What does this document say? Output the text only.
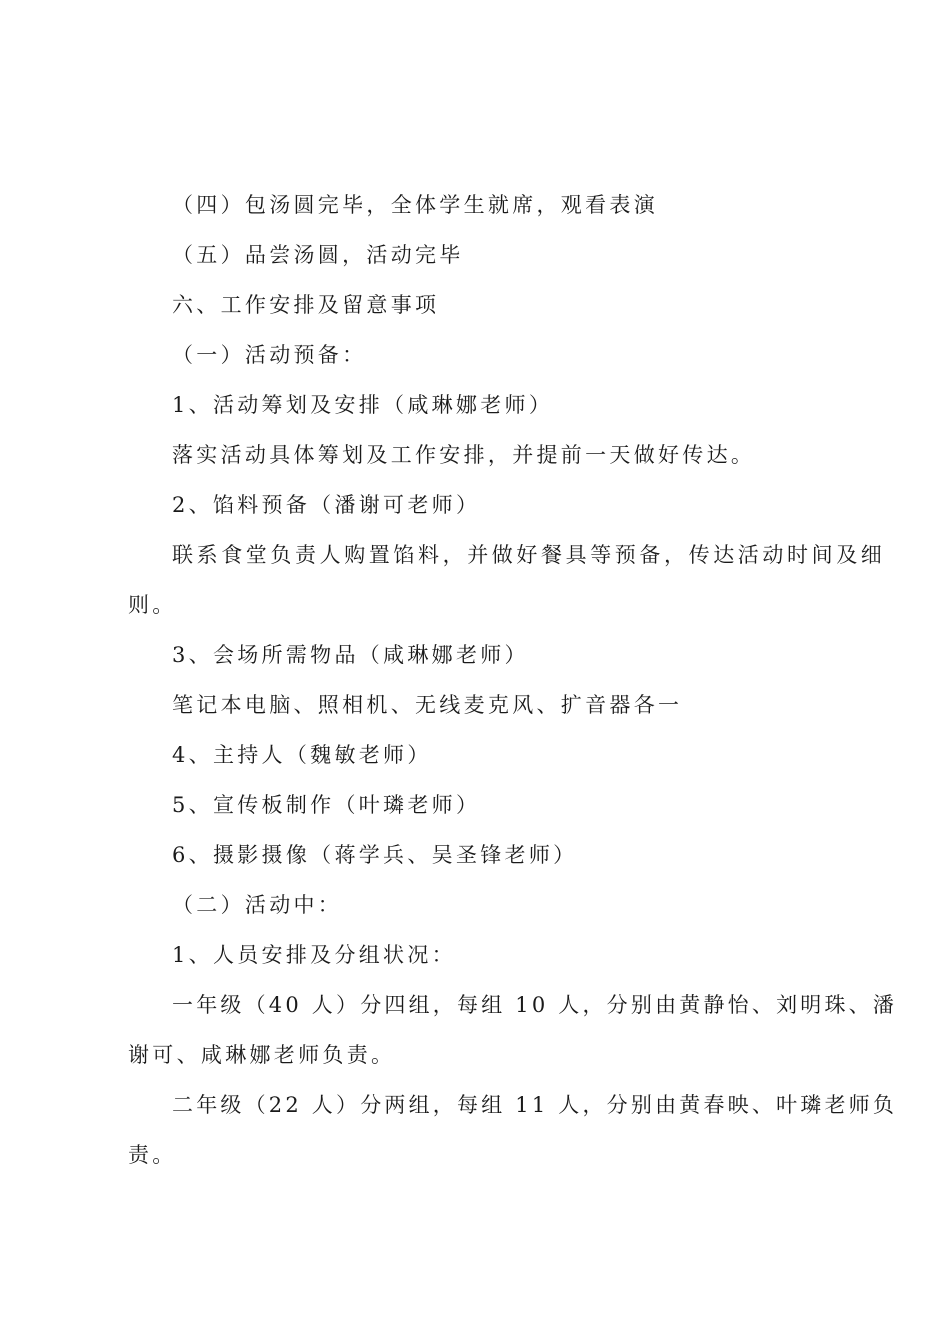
（四）包汤圆完毕，全体学生就席，观看表演
（五）品尝汤圆，活动完毕
六、工作安排及留意事项
（一）活动预备：
1、活动筹划及安排（咸琳娜老师）
落实活动具体筹划及工作安排，并提前一天做好传达。
2、馅料预备（潘谢可老师）
联系食堂负责人购置馅料，并做好餐具等预备，传达活动时间及细
则。
3、会场所需物品（咸琳娜老师）
笔记本电脑、照相机、无线麦克风、扩音器各一
4、主持人（魏敏老师）
5、宣传板制作（叶璘老师）
6、摄影摄像（蒋学兵、吴圣锋老师）
（二）活动中：
1、人员安排及分组状况：
一年级（40 人）分四组，每组 10 人，分别由黄静怡、刘明珠、潘
谢可、咸琳娜老师负责。
二年级（22 人）分两组，每组 11 人，分别由黄春映、叶璘老师负
责。
